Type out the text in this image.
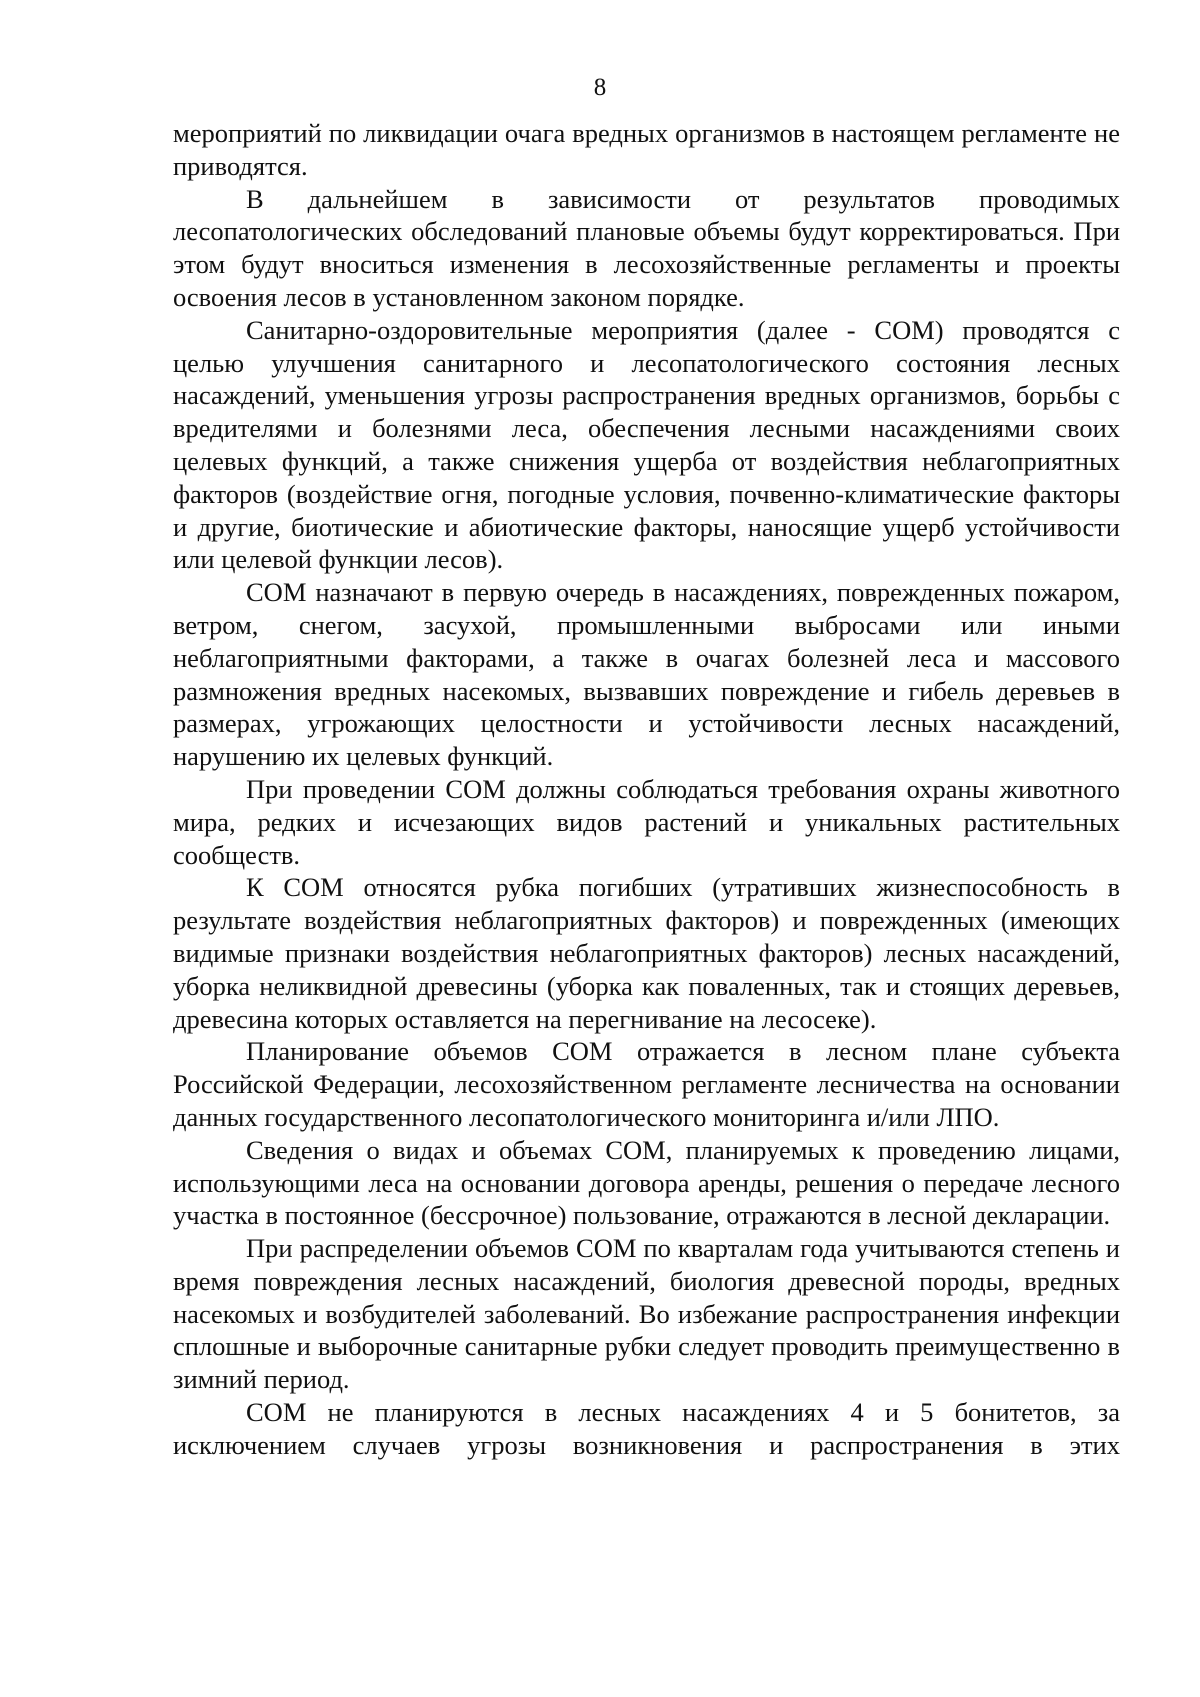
8

мероприятий по ликвидации очага вредных организмов в настоящем регламенте не приводятся.

В дальнейшем в зависимости от результатов проводимых лесопатологических обследований плановые объемы будут корректироваться. При этом будут вноситься изменения в лесохозяйственные регламенты и проекты освоения лесов в установленном законом порядке.

Санитарно-оздоровительные мероприятия (далее - СОМ) проводятся с целью улучшения санитарного и лесопатологического состояния лесных насаждений, уменьшения угрозы распространения вредных организмов, борьбы с вредителями и болезнями леса, обеспечения лесными насаждениями своих целевых функций, а также снижения ущерба от воздействия неблагоприятных факторов (воздействие огня, погодные условия, почвенно-климатические факторы и другие, биотические и абиотические факторы, наносящие ущерб устойчивости или целевой функции лесов).

СОМ назначают в первую очередь в насаждениях, поврежденных пожаром, ветром, снегом, засухой, промышленными выбросами или иными неблагоприятными факторами, а также в очагах болезней леса и массового размножения вредных насекомых, вызвавших повреждение и гибель деревьев в размерах, угрожающих целостности и устойчивости лесных насаждений, нарушению их целевых функций.

При проведении СОМ должны соблюдаться требования охраны животного мира, редких и исчезающих видов растений и уникальных растительных сообществ.

К СОМ относятся рубка погибших (утративших жизнеспособность в результате воздействия неблагоприятных факторов) и поврежденных (имеющих видимые признаки воздействия неблагоприятных факторов) лесных насаждений, уборка неликвидной древесины (уборка как поваленных, так и стоящих деревьев, древесина которых оставляется на перегнивание на лесосеке).

Планирование объемов СОМ отражается в лесном плане субъекта Российской Федерации, лесохозяйственном регламенте лесничества на основании данных государственного лесопатологического мониторинга и/или ЛПО.

Сведения о видах и объемах СОМ, планируемых к проведению лицами, использующими леса на основании договора аренды, решения о передаче лесного участка в постоянное (бессрочное) пользование, отражаются в лесной декларации.

При распределении объемов СОМ по кварталам года учитываются степень и время повреждения лесных насаждений, биология древесной породы, вредных насекомых и возбудителей заболеваний. Во избежание распространения инфекции сплошные и выборочные санитарные рубки следует проводить преимущественно в зимний период.

СОМ не планируются в лесных насаждениях 4 и 5 бонитетов, за исключением случаев угрозы возникновения и распространения в этих
